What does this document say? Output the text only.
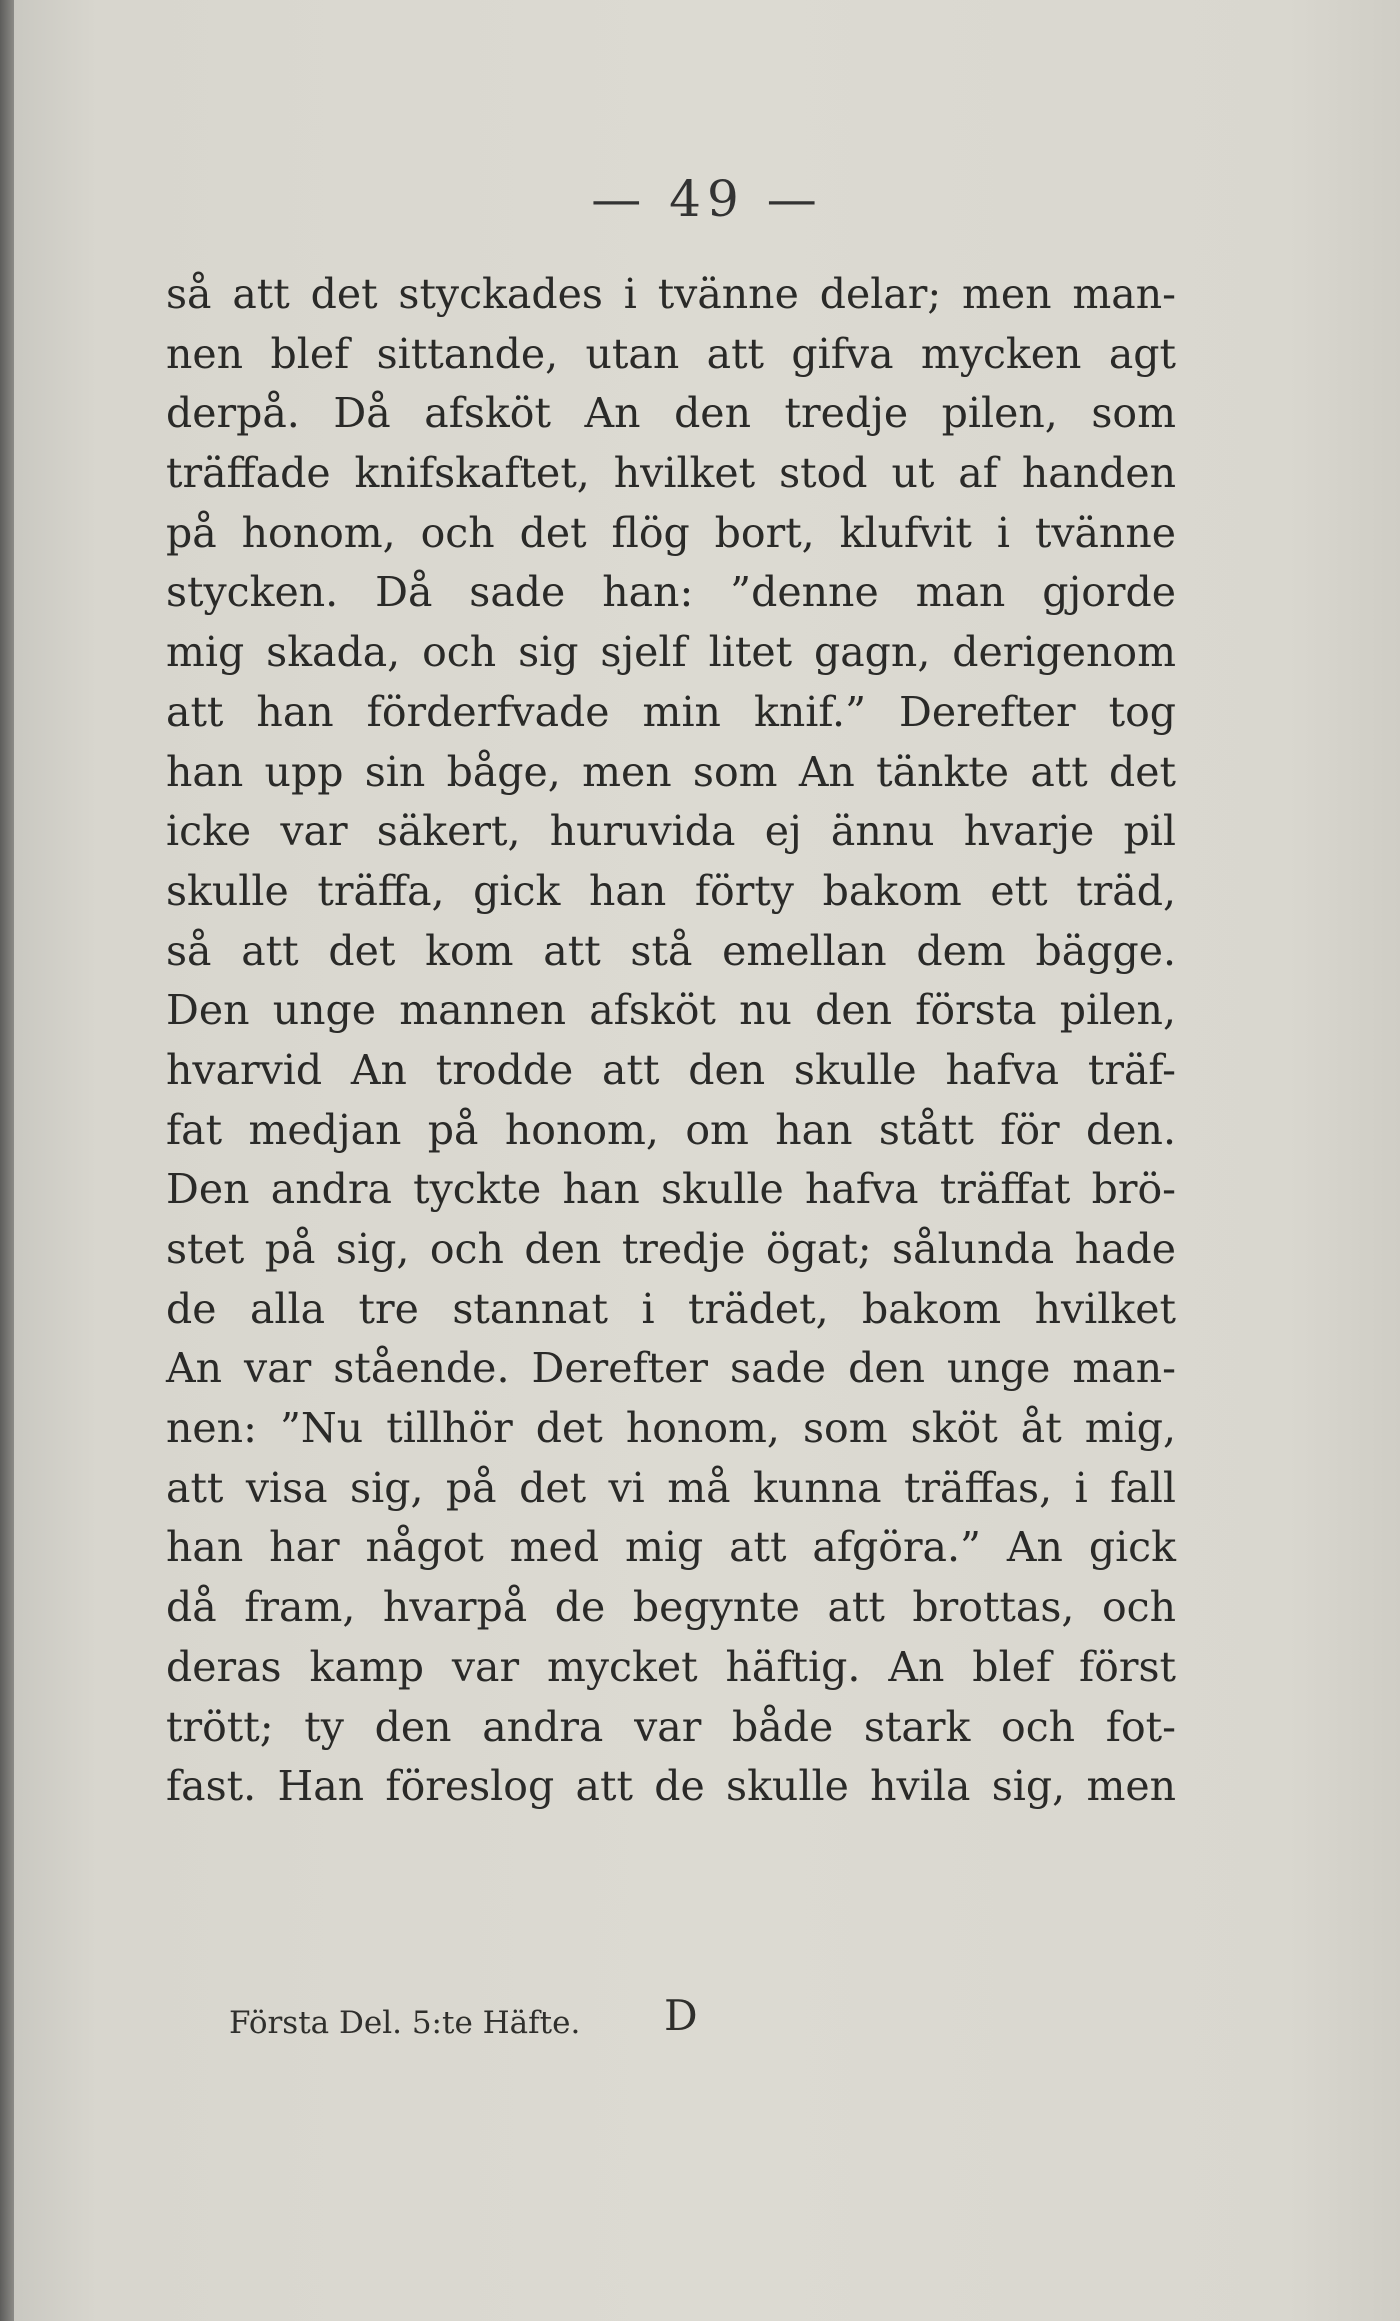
— 49 —
så att det styckades i tvänne delar; men man-
nen blef sittande, utan att gifva mycken agt
derpå. Då afsköt An den tredje pilen, som
träffade knifskaftet, hvilket stod ut af handen
på honom, och det flög bort, klufvit i tvänne
stycken. Då sade han: ”denne man gjorde
mig skada, och sig sjelf litet gagn, derigenom
att han förderfvade min knif.” Derefter tog
han upp sin båge, men som An tänkte att det
icke var säkert, huruvida ej ännu hvarje pil
skulle träffa, gick han förty bakom ett träd,
så att det kom att stå emellan dem bägge.
Den unge mannen afsköt nu den första pilen,
hvarvid An trodde att den skulle hafva träf-
fat medjan på honom, om han stått för den.
Den andra tyckte han skulle hafva träffat brö-
stet på sig, och den tredje ögat; sålunda hade
de alla tre stannat i trädet, bakom hvilket
An var stående. Derefter sade den unge man-
nen: ”Nu tillhör det honom, som sköt åt mig,
att visa sig, på det vi må kunna träffas, i fall
han har något med mig att afgöra.” An gick
då fram, hvarpå de begynte att brottas, och
deras kamp var mycket häftig. An blef först
trött; ty den andra var både stark och fot-
fast. Han föreslog att de skulle hvila sig, men
Första Del. 5:te Häfte. D
